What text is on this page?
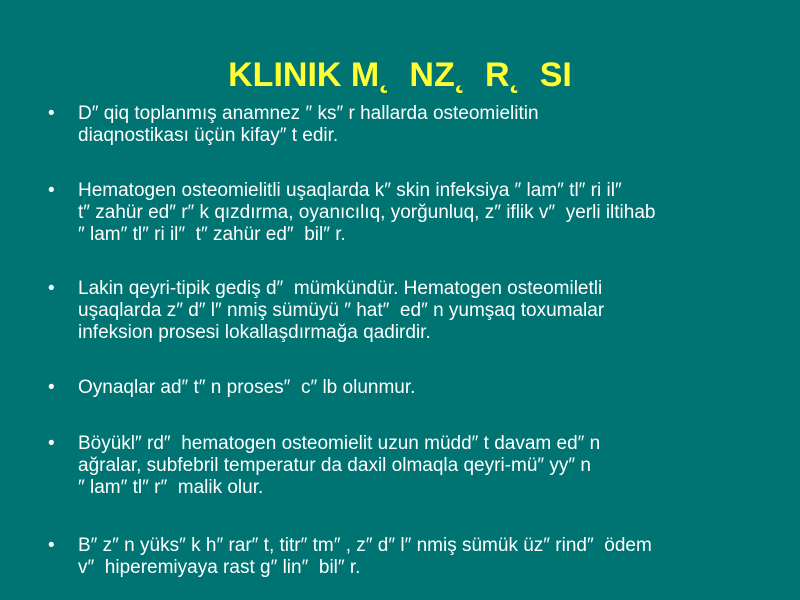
KLINIK M˛  NZ˛  R˛  SI
•	D″ qiq toplanmış anamnez ″ ks″ r hallarda osteomielitin
diaqnostikası üçün kifay″ t edir.
•	Hematogen osteomielitli uşaqlarda k″ skin infeksiya ″ lam″ tl″ ri il″
t″ zahür ed″ r″ k qızdırma, oyanıcılıq, yorğunluq, z″ iflik v″  yerli iltihab
″ lam″ tl″ ri il″  t″ zahür ed″  bil″ r.
•	Lakin qeyri-tipik gediş d″  mümkündür. Hematogen osteomiletli
uşaqlarda z″ d″ l″ nmiş sümüyü ″ hat″  ed″ n yumşaq toxumalar
infeksion prosesi lokallaşdırmağa qadirdir.
•	Oynaqlar ad″ t″ n proses″  c″ lb olunmur.
•	Böyükl″ rd″  hematogen osteomielit uzun müdd″ t davam ed″ n
ağralar, subfebril temperatur da daxil olmaqla qeyri-mü″ yy″ n
″ lam″ tl″ r″  malik olur.
•	B″ z″ n yüks″ k h″ rar″ t, titr″ tm″ , z″ d″ l″ nmiş sümük üz″ rind″  ödem
v″  hiperemiyaya rast g″ lin″  bil″ r.
